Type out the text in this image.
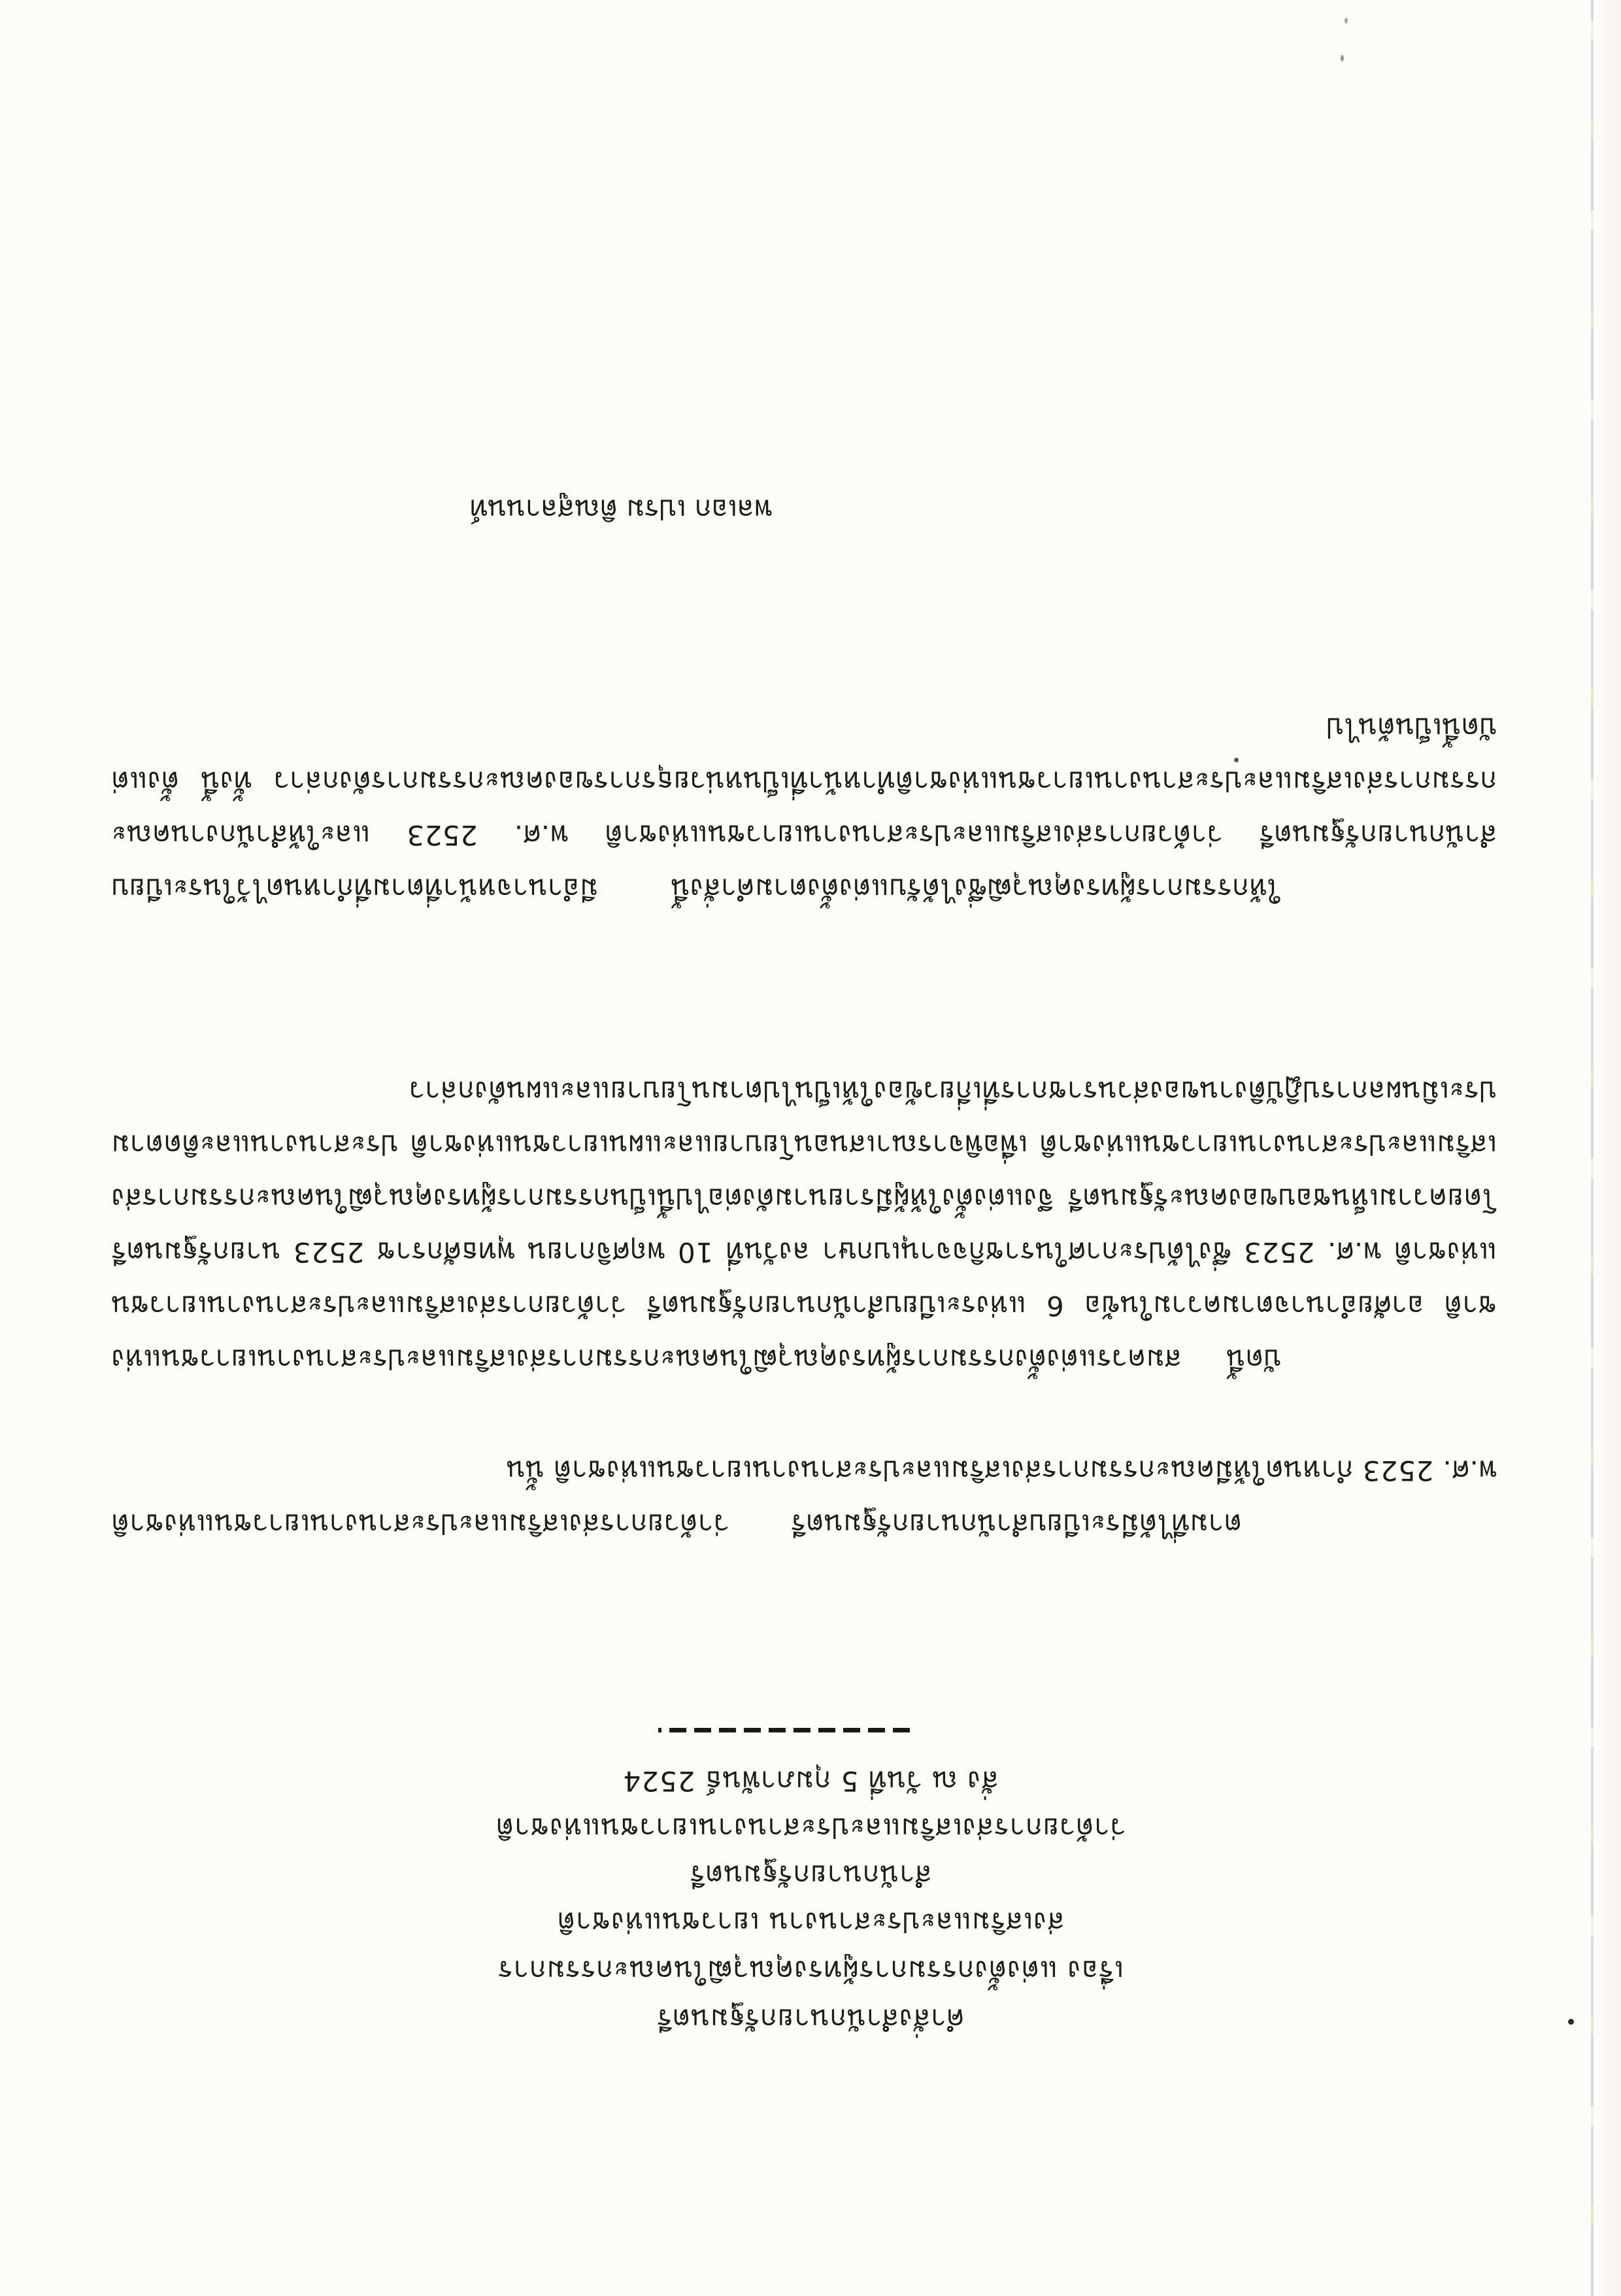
คำสั่งสำนักนายกรัฐมนตรี
เรื่อง แต่งตั้งกรรมการผู้ทรงคุณวุฒิในคณะกรรมการ
ส่งเสริมและประสานงาน เยาวชนแห่งชาติ
สำนักนายกรัฐมนตรี
ว่าด้วยการส่งเสริมและประสานงานเยาวชนแห่งชาติ
สั่ง ณ วันที่ 5 กุมภาพันธ์ 2524
ตามที่ได้มีระเบียบสำนักนายกรัฐมนตรี ว่าด้วยการส่งเสริมและประสานงานเยาวชนแห่งชาติ พ.ศ. 2523 กำหนดให้มีคณะกรรมการส่งเสริมและประสานงานเยาวชนแห่งชาติ นั้น
บัดนี้ สมควรแต่งตั้งกรรมการผู้ทรงคุณวุฒิในคณะกรรมการส่งเสริมและประสานงานเยาวชนแห่งชาติ อาศัยอำนาจตามความในข้อ 6 แห่งระเบียบสำนักนายกรัฐมนตรี ว่าด้วยการส่งเสริมและประสานงานเยาวชนแห่งชาติ พ.ศ. 2523 ซึ่งได้ประกาศในราชกิจจานุเบกษา ลงวันที่ 10 พฤศจิกายน พุทธศักราช 2523 นายกรัฐมนตรีโดยความเห็นชอบของคณะรัฐมนตรี จึงแต่งตั้งให้ผู้มีรายนามดังต่อไปนี้เป็นกรรมการผู้ทรงคุณวุฒิในคณะกรรมการส่งเสริมและประสานงานเยาวชนแห่งชาติ เพื่อพิจารณาเสนอนโยบายและแผนเยาวชนแห่งชาติ ประสานงานและติดตามประเมินผลการปฏิบัติงานของส่วนราชการที่เกี่ยวข้องให้เป็นไปตามนโยบายและแผนดังกล่าว
ให้กรรมการผู้ทรงคุณวุฒิซึ่งได้รับแต่งตั้งตามคำสั่งนี้ มีอำนาจหน้าที่ตามที่กำหนดไว้ในระเบียบสำนักนายกรัฐมนตรี ว่าด้วยการส่งเสริมและประสานงานเยาวชนแห่งชาติ พ.ศ. 2523 และให้สำนักงานคณะกรรมการส่งเสริมและประสานงานเยาวชนแห่งชาติทำหน้าที่เป็นหน่วยธุรการของคณะกรรมการดังกล่าว ทั้งนี้ ตั้งแต่บัดนี้เป็นต้นไป
พลเอก เปรม ติณสูลานนท์
